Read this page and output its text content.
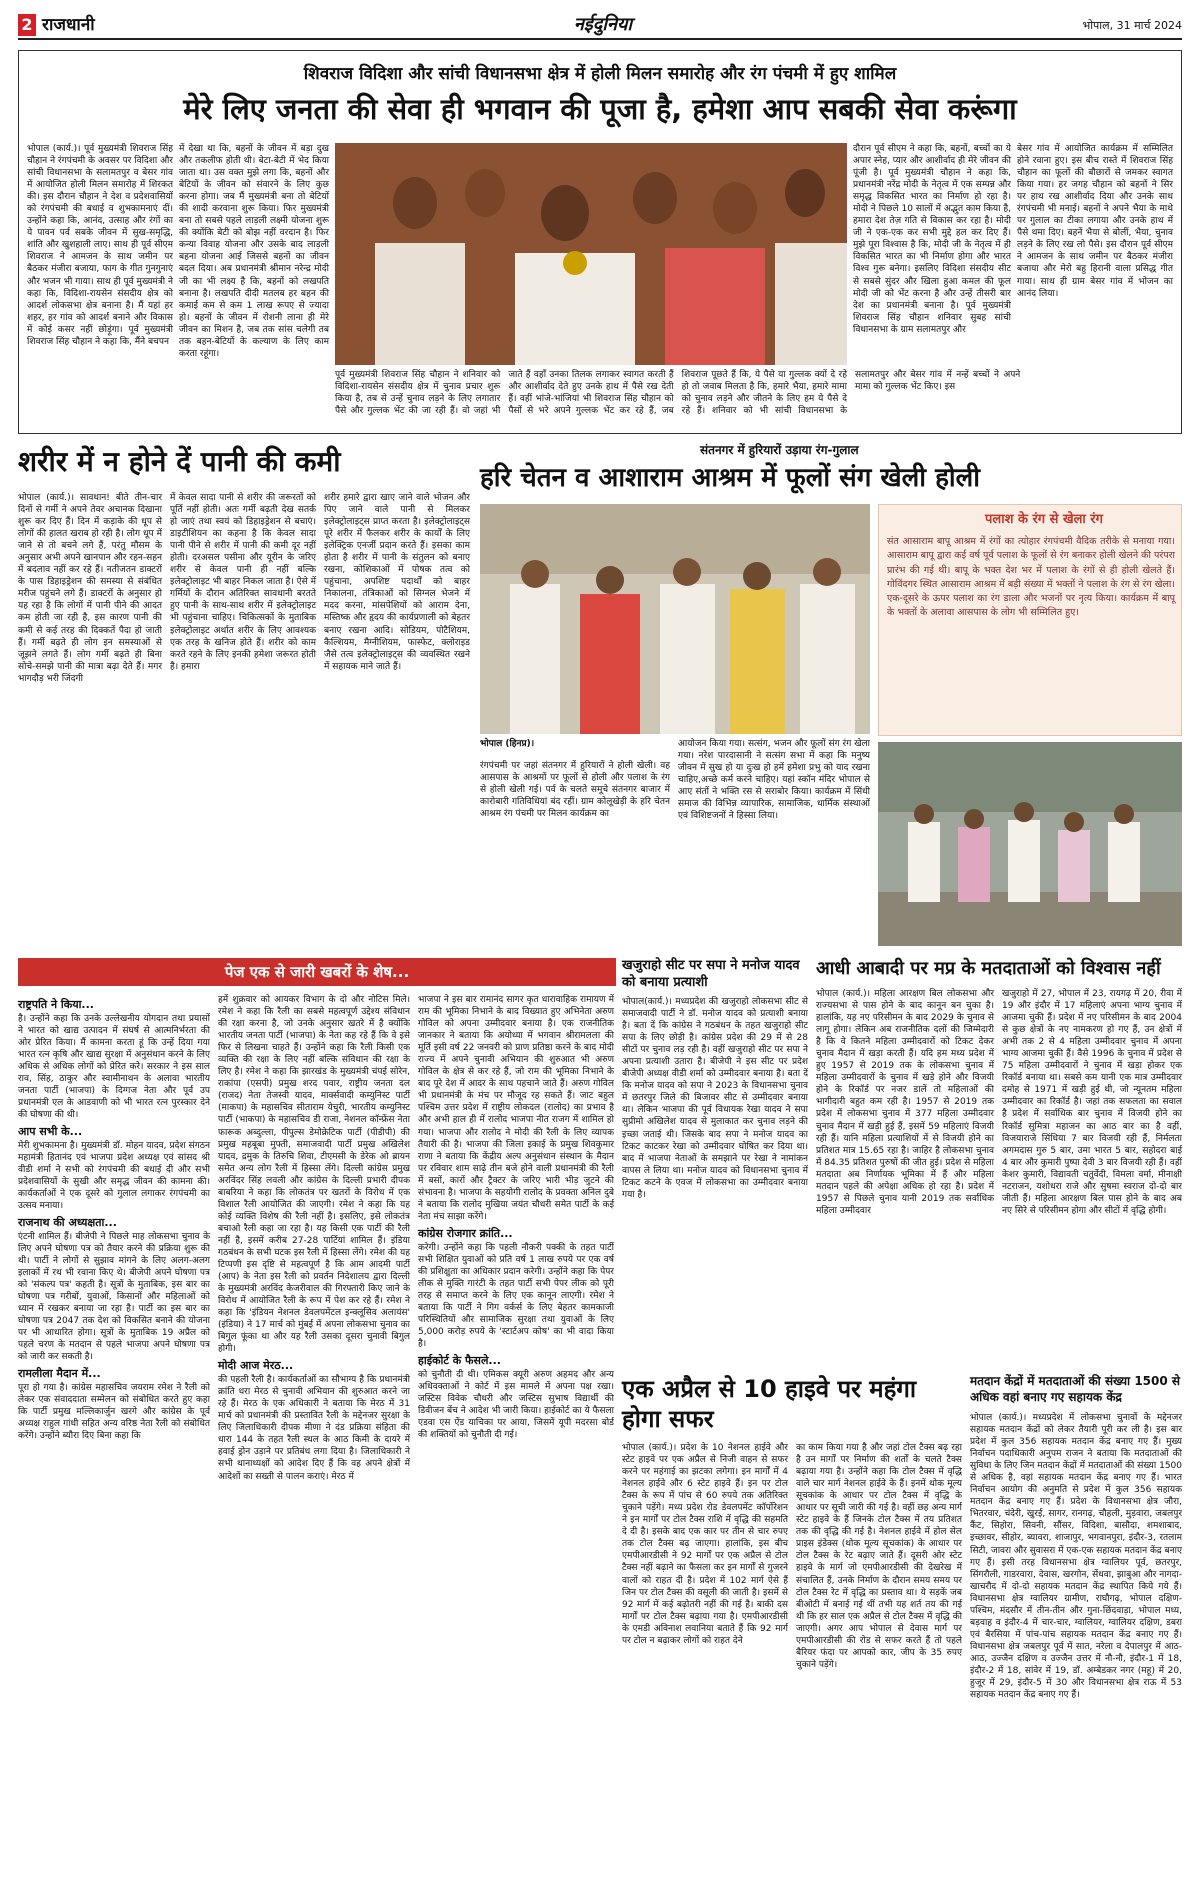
2 राजधानी	नईदुनिया	भोपाल, 31 मार्च 2024
शिवराज विदिशा और सांची विधानसभा क्षेत्र में होली मिलन समारोह और रंग पंचमी में हुए शामिल
मेरे लिए जनता की सेवा ही भगवान की पूजा है, हमेशा आप सबकी सेवा करूंगा
भोपाल (कार्य.)। पूर्व मुख्यमंत्री शिवराज सिंह चौहान ने रंगपंचमी के अवसर पर विदिशा और सांची विधानसभा के सलामतपुर व बेसर गांव में आयोजित होली मिलन समारोह में शिरकत की। इस दौरान चौहान ने देश व प्रदेशवासियों को रंगपंचमी की बधाई व शुभकामनाएं दीं। उन्होंने कहा कि, आनंद, उत्साह और रंगों का ये पावन पर्व सबके जीवन में सुख-समृद्धि, शांति और खुशहाली लाए। साथ ही पूर्व सीएम शिवराज ने आमजन के साथ जमीन पर बैठकर मंजीरा बजाया, फाग के गीत गुनगुनाएं और भजन भी गाया। साथ ही पूर्व मुख्यमंत्री ने कहा कि, विदिशा-रायसेन संसदीय क्षेत्र को आदर्श लोकसभा क्षेत्र बनाना है। मैं यहां हर शहर, हर गांव को आदर्श बनाने और विकास में कोई कसर नहीं छोड़ूंगा। पूर्व मुख्यमंत्री शिवराज सिंह चौहान ने कहा कि, मैंने बचपन
में देखा था कि, बहनों के जीवन में बड़ा दुख और तकलीफ होती थी। बेटा-बेटी में भेद किया जाता था। उस वक्त मुझे लगा कि, बहनों और बेटियों के जीवन को संवारने के लिए कुछ करना होगा। जब मैं मुख्यमंत्री बना तो बेटियों की शादी करवाना शुरू किया। फिर मुख्यमंत्री बना तो सबसे पहले लाड़ली लक्ष्मी योजना शुरू की क्योंकि बेटी को बोझ नहीं वरदान है। फिर कन्या विवाह योजना और उसके बाद लाड़ली बहना योजना आई जिससे बहनों का जीवन बदल दिया। अब प्रधानमंत्री श्रीमान नरेन्द्र मोदी जी का भी लक्ष्य है कि, बहनों को लखपति बनाना है। लखपति दीदी मतलब हर बहन की कमाई कम से कम 1 लाख रूपए से ज्यादा हो। बहनों के जीवन में रोशनी लाना ही मेरे जीवन का मिशन है, जब तक सांस चलेगी तब तक बहन-बेटियों के कल्याण के लिए काम करता रहूंगा।
पूर्व मुख्यमंत्री शिवराज सिंह चौहान ने शनिवार को विदिशा-रायसेन संसदीय क्षेत्र में चुनाव प्रचार शुरू किया है, तब से उन्हें चुनाव लड़ने के लिए लगातार पैसे और गुल्लक भेंट की जा रही हैं। वो जहां भी जाते हैं वहाँ उनका तिलक लगाकर स्वागत करती हैं और आशीर्वाद देते हुए उनके हाथ में पैसे रख देती हैं। वहीं भांजे-भांजियां भी शिवराज सिंह चौहान को पैसों से भरे अपने गुल्लक भेंट कर रहे हैं, जब शिवराज पूछते हैं कि, ये पैसे या गुल्लक क्यों दे रहे हो तो जवाब मिलता है कि, हमारे भैया, हमारे मामा को चुनाव लड़ने और जीतने के लिए हम ये पैसे दे रहे हैं। शनिवार को भी सांची विधानसभा के सलामतपुर और बेसर गांव में नन्हें बच्चों ने अपने मामा को गुल्लक भेंट किए। इस
दौरान पूर्व सीएम ने कहा कि, बहनों, बच्चों का ये अपार स्नेह, प्यार और आशीर्वाद ही मेरे जीवन की पूंजी है। पूर्व मुख्यमंत्री चौहान ने कहा कि, प्रधानमंत्री नरेंद्र मोदी के नेतृत्व में एक सम्पन्न और समृद्ध विकसित भारत का निर्माण हो रहा है। मोदी ने पिछले 10 सालों में अद्भुत काम किया है, हमारा देश तेज़ गति से विकास कर रहा है। मोदी जी ने एक-एक कर सभी मुद्दे हल कर दिए हैं। मुझे पूरा विश्वास है कि, मोदी जी के नेतृत्व में ही विकसित भारत का भी निर्माण होगा और भारत विश्व गुरू बनेगा। इसलिए विदिशा संसदीय सीट से सबसे सुंदर और खिला हुआ कमल की फूल मोदी जी को भेंट करना है और उन्हें तीसरी बार देश का प्रधानमंत्री बनाना है। पूर्व मुख्यमंत्री शिवराज सिंह चौहान शनिवार सुबह सांची विधानसभा के ग्राम सलामतपुर और
बेसर गांव में आयोजित कार्यक्रम में सम्मिलित होने रवाना हुए। इस बीच रास्ते में शिवराज सिंह चौहान का फूलों की बौछारों से जमकर स्वागत किया गया। हर जगह चौहान को बहनों ने सिर पर हाथ रख आशीर्वाद दिया और उनके साथ रंगपंचमी भी मनाई। बहनों ने अपने भैया के माथे पर गुलाल का टीका लगाया और उनके हाथ में पैसे थमा दिए। बहनें भैया से बोलीं, भैया, चुनाव लड़ने के लिए रख लो पैसे। इस दौरान पूर्व सीएम ने आमजन के साथ जमीन पर बैठकर मंजीरा बजाया और मेरो बहु हिरानी वाला प्रसिद्ध गीत गाया। साथ ही ग्राम बेसर गांव में भोजन का आनंद लिया।
शरीर में न होने दें पानी की कमी
भोपाल (कार्य.)। सावधान! बीते तीन-चार दिनों से गर्मी ने अपने तेवर अचानक दिखाना शुरू कर दिए हैं। दिन में कड़ाके की धूप से लोगों की हालत खराब हो रही है। लोग धूप में जाने से तो बचने लगे हैं, परंतु मौसम के अनुसार अभी अपने खानपान और रहन-सहन में बदलाव नहीं कर रहे हैं। नतीजतन डाक्टरों के पास डिहाइड्रेशन की समस्या से संबंधित मरीज पहुंचने लगे हैं। डाक्टरों के अनुसार हो यह रहा है कि लोगों में पानी पीने की आदत कम होती जा रही है, इस कारण पानी की कमी से कई तरह की दिक्कतें पैदा हो जाती हैं। गर्मी बढ़ते ही लोग इन समस्याओं से जूझने लगते हैं। लोग गर्मी बढ़ते ही बिना सोचे-समझे पानी की मात्रा बढ़ा देते हैं। मगर भागदौड़ भरी जिंदगी
में केवल सादा पानी से शरीर की जरूरतों को पूर्ति नहीं होती। अतः गर्मी बढ़ती देख सतर्क हो जाएं तथा स्वयं को डिहाइड्रेशन से बचाएं। डाइटीशियन का कहना है कि केवल सादा पानी पीने से शरीर में पानी की कमी दूर नहीं होती। दरअसल पसीना और यूरीन के जरिए शरीर से केवल पानी ही नहीं बल्कि इलेक्ट्रोलाइट भी बाहर निकल जाता है। ऐसे में गर्मियों के दौरान अतिरिक्त सावधानी बरतते हुए पानी के साथ-साथ शरीर में इलेक्ट्रोलाइट भी पहुंचाना चाहिए। चिकित्सकों के मुताबिक इलेक्ट्रोलाइट अर्थात शरीर के लिए आवश्यक एक तरह के खनिज होते हैं। शरीर को काम करते रहने के लिए इनकी हमेशा जरूरत होती है। हमारा
शरीर हमारे द्वारा खाए जाने वाले भोजन और पिए जाने वाले पानी से मिलकर इलेक्ट्रोलाइट्स प्राप्त करता है। इलेक्ट्रोलाइट्स पूरे शरीर में फैलकर शरीर के कार्यों के लिए इलेक्ट्रिक एनर्जी प्रदान करते हैं। इसका काम होता है शरीर में पानी के संतुलन को बनाए रखना, कोशिकाओं में पोषक तत्व को पहुंचाना, अपशिष्ट पदार्थों को बाहर निकालना, तंत्रिकाओं को सिग्नल भेजने में मदद करना, मांसपेशियों को आराम देना, मस्तिष्क और हृदय की कार्यप्रणाली को बेहतर बनाए रखना आदि। सोडियम, पोटैशियम, कैल्शियम, मैग्नीशियम, फास्फेट, क्लोराइड जैसे तत्व इलेक्ट्रोलाइट्स की व्यवस्थित रखने में सहायक माने जाते हैं।
संतनगर में हुरियारों उड़ाया रंग-गुलाल
हरि चेतन व आशाराम आश्रम में फूलों संग खेली होली
भोपाल (हिनप्र)।
रंगपंचमी पर जहां संतनगर में हुरियारों ने होली खेली। वह आसपास के आश्रमों पर फूलों से होली और पलाश के रंग से होली खेली गई। पर्व के चलते समूचे संतनगर बाजार में कारोबारी गतिविधियां बंद रहीं। ग्राम कोलूखेड़ी के हरि चेतन आश्रम रंग पंचमी पर मिलन कार्यक्रम का
आयोजन किया गया। सत्संग, भजन और फूलों संग रंग खेला गया। नरेश पारदासानी ने सत्संग सभा में कहा कि मनुष्य जीवन में सुख हो या दुःख हो हमें हमेशा प्रभु को याद रखना चाहिए,अच्छे कर्म करने चाहिए। यहां स्कॉन मंदिर भोपाल से आए संतों ने भक्ति रस से सराबोर किया। कार्यक्रम में सिंधी समाज की विभिन्न व्यापारिक, सामाजिक, धार्मिक संस्थाओं एवं विशिष्टजनों ने हिस्सा लिया।
पलाश के रंग से खेला रंग
संत आसाराम बापू आश्रम में रंगों का त्योहार रंगपंचमी वैदिक तरीके से मनाया गया। आसाराम बापू द्वारा कई वर्ष पूर्व पलाश के फूलों से रंग बनाकर होली खेलने की परंपरा प्रारंभ की गई थी। बापू के भक्त देश भर में पलाश के रंगों से ही होली खेलते हैं। गोविंदगर स्थित आसाराम आश्रम में बड़ी संख्या में भक्तों ने पलाश के रंग से रंग खेला। एक-दूसरे के ऊपर पलाश का रंग डाला और भजनों पर नृत्य किया। कार्यक्रम में बापू के भक्तों के अलावा आसपास के लोग भी सम्मिलित हुए।
पेज एक से जारी खबरों के शेष...
राष्ट्रपति ने किया...
है। उन्होंने कहा कि उनके उल्लेखनीय योगदान तथा प्रयासों ने भारत को खाद्य उत्पादन में संघर्ष से आत्मनिर्भरता की ओर प्रेरित किया। मैं कामना करता हूं कि उन्हें दिया गया भारत रत्न कृषि और खाद्य सुरक्षा में अनुसंधान करने के लिए अधिक से अधिक लोगों को प्रेरित करे। सरकार ने इस साल राव, सिंह, ठाकुर और स्वामीनाथन के अलावा भारतीय जनता पार्टी (भाजपा) के दिग्गज नेता और पूर्व उप प्रधानमंत्री एल के आडवाणी को भी भारत रत्न पुरस्कार देने की घोषणा की थी।
आप सभी के...
मेरी शुभकामना है। मुख्यमंत्री डॉ. मोहन यादव, प्रदेश संगठन महामंत्री हितानंद एवं भाजपा प्रदेश अध्यक्ष एवं सांसद श्री वीडी शर्मा ने सभी को रंगपंचमी की बधाई दी और सभी प्रदेशवासियों के सुखी और समृद्ध जीवन की कामना की। कार्यकर्ताओं ने एक दूसरे को गुलाल लगाकर रंगपंचमी का उत्सव मनाया।
राजनाथ की अध्यक्षता...
एंटनी शामिल हैं। बीजेपी ने पिछले माह लोकसभा चुनाव के लिए अपने घोषणा पत्र को तैयार करने की प्रक्रिया शुरू की थी। पार्टी ने लोगों से सुझाव मांगने के लिए अलग-अलग इलाकों में रथ भी रवाना किए थे। बीजेपी अपने घोषणा पत्र को 'संकल्प पत्र' कहती है। सूत्रों के मुताबिक, इस बार का घोषणा पत्र गरीबों, युवाओं, किसानों और महिलाओं को ध्यान में रखकर बनाया जा रहा है। पार्टी का इस बार का घोषणा पत्र 2047 तक देश को विकसित बनाने की योजना पर भी आधारित होगा। सूत्रों के मुताबिक 19 अप्रैल को पहले चरण के मतदान से पहले भाजपा अपने घोषणा पत्र को जारी कर सकती है।
रामलीला मैदान में...
पूरा हो गया है। कांग्रेस महासचिव जयराम रमेश ने रैली को लेकर एक संवाददाता सम्मेलन को संबोधित करते हुए कहा कि पार्टी प्रमुख मल्लिकार्जुन खरगे और कांग्रेस के पूर्व अध्यक्ष राहुल गांधी सहित अन्य वरिष्ठ नेता रैली को संबोधित करेंगे। उन्होंने ब्यौरा दिए बिना कहा कि
हमें शुक्रवार को आयकर विभाग के दो और नोटिस मिले। रमेश ने कहा कि रैली का सबसे महत्वपूर्ण उद्देश्य संविधान की रक्षा करना है, जो उनके अनुसार खतरे में है क्योंकि भारतीय जनता पार्टी (भाजपा) के नेता कह रहे हैं कि वे इसे फिर से लिखना चाहते हैं। उन्होंने कहा कि रैली किसी एक व्यक्ति की रक्षा के लिए नहीं बल्कि संविधान की रक्षा के लिए है। रमेश ने कहा कि झारखंड के मुख्यमंत्री चंपई सोरेन, राकांपा (एसपी) प्रमुख शरद पवार, राष्ट्रीय जनता दल (राजद) नेता तेजस्वी यादव, मार्क्सवादी कम्युनिस्ट पार्टी (माकपा) के महासचिव सीताराम येचुरी, भारतीय कम्युनिस्ट पार्टी (भाकपा) के महासचिव डी राजा, नेशनल कॉन्फ्रेंस नेता फारूक अब्दुल्ला, पीपुल्स डेमोक्रेटिक पार्टी (पीडीपी) की प्रमुख महबूबा मुफ्ती, समाजवादी पार्टी प्रमुख अखिलेश यादव, द्रमुक के तिरुचि शिवा, टीएमसी के डेरेक ओ ब्रायन समेत अन्य लोग रैली में हिस्सा लेंगे। दिल्ली कांग्रेस प्रमुख अरविंदर सिंह लवली और कांग्रेस के दिल्ली प्रभारी दीपक बाबरिया ने कहा कि लोकतंत्र पर खतरों के विरोध में एक विशाल रैली आयोजित की जाएगी। रमेश ने कहा कि यह कोई व्यक्ति विशेष की रैली नहीं है। इसलिए, इसे लोकतंत्र बचाओ रैली कहा जा रहा है। यह किसी एक पार्टी की रैली नहीं है, इसमें करीब 27-28 पार्टियां शामिल हैं। इंडिया गठबंधन के सभी घटक इस रैली में हिस्सा लेंगे। रमेश की यह टिप्पणी इस दृष्टि से महत्वपूर्ण है कि आम आदमी पार्टी (आप) के नेता इस रैली को प्रवर्तन निदेशालय द्वारा दिल्ली के मुख्यमंत्री अरविंद केजरीवाल की गिरफ्तारी किए जाने के विरोध में आयोजित रैली के रूप में पेश कर रहे हैं। रमेश ने कहा कि 'इंडियन नेशनल डेवलपमेंटल इन्क्लूसिव अलायंस' (इंडिया) ने 17 मार्च को मुंबई में अपना लोकसभा चुनाव का बिगुल फूंका था और यह रैली उसका दूसरा चुनावी बिगुल होगी।
मोदी आज मेरठ...
की पहली रैली है। कार्यकर्ताओं का सौभाग्य है कि प्रधानमंत्री क्रांति धरा मेरठ से चुनावी अभियान की शुरुआत करने जा रहे हैं। मेरठ के एक अधिकारी ने बताया कि मेरठ में 31 मार्च को प्रधानमंत्री की प्रस्तावित रैली के मद्देनजर सुरक्षा के लिए जिलाधिकारी दीपक मीणा ने दंड प्रक्रिया संहिता की धारा 144 के तहत रैली स्थल के आठ किमी के दायरे में हवाई ड्रोन उड़ाने पर प्रतिबंध लगा दिया है। जिलाधिकारी ने सभी थानाध्यक्षों को आदेश दिए हैं कि वह अपने क्षेत्रों में आदेशों का सख्ती से पालन कराएं। मेरठ में
भाजपा ने इस बार रामानंद सागर कृत धारावाहिक रामायण में राम की भूमिका निभाने के बाद विख्यात हुए अभिनेता अरुण गोविल को अपना उम्मीदवार बनाया है। एक राजनीतिक जानकार ने बताया कि अयोध्या में भगवान श्रीरामलला की मूर्ति इसी वर्ष 22 जनवरी को प्राण प्रतिष्ठा करने के बाद मोदी राज्य में अपने चुनावी अभियान की शुरुआत भी अरुण गोविल के क्षेत्र से कर रहे हैं, जो राम की भूमिका निभाने के बाद पूरे देश में आदर के साथ पहचाने जाते हैं। अरुण गोविल भी प्रधानमंत्री के मंच पर मौजूद रह सकते हैं। जाट बहुल पश्चिम उत्तर प्रदेश में राष्ट्रीय लोकदल (रालोद) का प्रभाव है और अभी हाल ही में रालोद भाजपा नीत राजग में शामिल हो गया। भाजपा और रालोद ने मोदी की रैली के लिए व्यापक तैयारी की है। भाजपा की जिला इकाई के प्रमुख शिवकुमार राणा ने बताया कि केंद्रीय अल्प अनुसंधान संस्थान के मैदान पर रविवार शाम साढ़े तीन बजे होने वाली प्रधानमंत्री की रैली में बसों, कारों और ट्रैक्टर के जरिए भारी भीड़ जुटने की संभावना है। भाजपा के सहयोगी रालोद के प्रवक्ता अनिल दुबे ने बताया कि रालोद मुखिया जयंत चौधरी समेत पार्टी के कई नेता मंच साझा करेंगे।
कांग्रेस रोजगार क्रांति...
करेगी। उन्होंने कहा कि पहली नौकरी पक्की के तहत पार्टी सभी शिक्षित युवाओं को प्रति वर्ष 1 लाख रुपये पर एक वर्ष की प्रशिक्षुता का अधिकार प्रदान करेगी। उन्होंने कहा कि पेपर लीक से मुक्ति गारंटी के तहत पार्टी सभी पेपर लीक को पूरी तरह से समाप्त करने के लिए एक कानून लाएगी। रमेश ने बताया कि पार्टी ने गिग वर्कर्स के लिए बेहतर कामकाजी परिस्थितियों और सामाजिक सुरक्षा तथा युवाओं के लिए 5,000 करोड़ रुपये के 'स्टार्टअप कोष' का भी वादा किया है।
हाईकोर्ट के फैसले...
को चुनौती दी थी। एमिकस क्यूरी अरुण अहमद और अन्य अधिवक्ताओं ने कोर्ट में इस मामले में अपना पक्ष रखा। जस्टिस विवेक चौधरी और जस्टिस सुभाष विद्यार्थी की डिवीजन बेंच ने आदेश भी जारी किया। हाईकोर्ट का ये फैसला एडवा एस ऐंड याचिका पर आया, जिसमें यूपी मदरसा बोर्ड की शक्तियों को चुनौती दी गई।
खजुराहो सीट पर सपा ने मनोज यादव को बनाया प्रत्याशी
भोपाल(कार्य.)। मध्यप्रदेश की खजुराहो लोकसभा सीट से समाजवादी पार्टी ने डॉ. मनोज यादव को प्रत्याशी बनाया है। बता दें कि कांग्रेस ने गठबंधन के तहत खजुराहो सीट सपा के लिए छोड़ी है। कांग्रेस प्रदेश की 29 में से 28 सीटों पर चुनाव लड़ रही है। वहीं खजुराहो सीट पर सपा ने अपना प्रत्याशी उतारा है। बीजेपी ने इस सीट पर प्रदेश बीजेपी अध्यक्ष वीडी शर्मा को उम्मीदवार बनाया है। बता दें कि मनोज यादव को सपा ने 2023 के विधानसभा चुनाव में छतरपुर जिले की बिजावर सीट से उम्मीदवार बनाया था। लेकिन भाजपा की पूर्व विधायक रेखा यादव ने सपा सुप्रीमो अखिलेश यादव से मुलाकात कर चुनाव लड़ने की इच्छा जताई थी। जिसके बाद सपा ने मनोज यादव का टिकट काटकर रेखा को उम्मीदवार घोषित कर दिया था। बाद में भाजपा नेताओं के समझाने पर रेखा ने नामांकन वापस ले लिया था। मनोज यादव को विधानसभा चुनाव में टिकट कटने के एवज में लोकसभा का उम्मीदवार बनाया गया है।
आधी आबादी पर मप्र के मतदाताओं को विश्वास नहीं
भोपाल (कार्य.)। महिला आरक्षण बिल लोकसभा और राज्यसभा से पास होने के बाद कानून बन चुका है। हालांकि, यह नए परिसीमन के बाद 2029 के चुनाव से लागू होगा। लेकिन अब राजनीतिक दलों की जिम्मेदारी है कि वे कितने महिला उम्मीदवारों को टिकट देकर चुनाव मैदान में खड़ा करती हैं। यदि हम मध्य प्रदेश में हुए 1957 से 2019 तक के लोकसभा चुनाव में महिला उम्मीदवारों के चुनाव में खड़े होने और विजयी होने के रिकॉर्ड पर नजर डालें तो महिलाओं की भागीदारी बहुत कम रही है। 1957 से 2019 तक प्रदेश में लोकसभा चुनाव में 377 महिला उम्मीदवार चुनाव मैदान में खड़ी हुई हैं, इसमें 59 महिलाएं विजयी रही हैं। यानि महिला प्रत्याशियों में से विजयी होने का प्रतिशत मात्र 15.65 रहा है। जाहिर है लोकसभा चुनाव में 84.35 प्रतिशत पुरुषों की जीत हुई। प्रदेश से महिला मतदाता अब निर्णायक भूमिका में हैं और महिला मतदान पहले की अपेक्षा अधिक हो रहा है। प्रदेश में 1957 से पिछले चुनाव यानी 2019 तक सर्वाधिक महिला उम्मीदवार
खजुराहो में 27, भोपाल में 23, रायगढ़ में 20, रीवा में 19 और इंदौर में 17 महिलाएं अपना भाग्य चुनाव में आजमा चुकी हैं। प्रदेश में नए परिसीमन के बाद 2004 से कुछ क्षेत्रों के नए नामकरण हो गए हैं, उन क्षेत्रों में अभी तक 2 से 4 महिला उम्मीदवार चुनाव में अपना भाग्य आजमा चुकी हैं। वैसे 1996 के चुनाव में प्रदेश से 75 महिला उम्मीदवारों ने चुनाव में खड़ा होकर एक रिकॉर्ड बनाया था। सबसे कम यानी एक मात्र उम्मीदवार दमोह से 1971 में खड़ी हुई थी, जो न्यूनतम महिला उम्मीदवार का रिकॉर्ड है। जहां तक सफलता का सवाल है प्रदेश में सर्वाधिक बार चुनाव में विजयी होने का रिकॉर्ड सुमित्रा महाजन का आठ बार का है वहीं, विजयाराजे सिंधिया 7 बार विजयी रही हैं, निर्मलता अगमदास गुरु 5 बार, उमा भारत 5 बार, सहोदरा बाई 4 बार और कुमारी पुष्पा देवी 3 बार विजयी रही हैं। वहीं केशर कुमारी, विद्यावती चतुर्वेदी, विमला वर्मा, मीनाक्षी नटराजन, यशोधरा राजे और सुषमा स्वराज दो-दो बार जीती हैं। महिला आरक्षण बिल पास होने के बाद अब नए सिरे से परिसीमन होगा और सीटों में वृद्धि होगी।
एक अप्रैल से 10 हाइवे पर महंगा होगा सफर
भोपाल (कार्य.)। प्रदेश के 10 नेशनल हाईवे और स्टेट हाइवे पर एक अप्रैल से निजी वाहन से सफर करने पर महंगाई का झटका लगेगा। इन मार्गों में 4 नेशनल हाईवे और 6 स्टेट हाइवे हैं। इन पर टोल टैक्स के रूप में पांच से 60 रुपये तक अतिरिक्त चुकाने पड़ेंगे। मध्य प्रदेश रोड डेवलपमेंट कॉर्पोरेशन ने इन मार्गों पर टोल टैक्स राशि में वृद्धि की सहमति दे दी है। इसके बाद एक कार पर तीन से चार रुपए तक टोल टैक्स बढ़ जाएगा। हालांकि, इस बीच एमपीआरडीसी ने 92 मार्गों पर एक अप्रैल से टोल टैक्स नहीं बढ़ाने का फैसला कर इन मार्गों से गुजरने वालों को राहत दी है। प्रदेश में 102 मार्ग ऐसे हैं जिन पर टोल टैक्स की वसूली की जाती है। इसमें से 92 मार्ग में कई बढ़ोतरी नहीं की गई है। बाकी दस मार्गों पर टोल टैक्स बढ़ाया गया है। एमपीआरडीसी के एमडी अविनाश लवानिया बताते हैं कि 92 मार्ग पर टोल न बढ़ाकर लोगों को राहत देने
का काम किया गया है और जहां टोल टैक्स बढ़ रहा है उन मार्गों पर निर्माण की शर्तों के चलते टैक्स बढ़ाया गया है। उन्होंने कहा कि टोल टैक्स में वृद्धि वाले चार मार्ग नेशनल हाईवे के हैं। इनमें थोक मूल्य सूचकांक के आधार पर टोल टैक्स में वृद्धि के आधार पर सूची जारी की गई है। वहीं छह अन्य मार्ग स्टेट हाइवे के हैं जिनके टोल टैक्स में तय प्रतिशत तक की वृद्धि की गई है। नेशनल हाईवे में होल सेल प्राइस इंडेक्स (थोक मूल्य सूचकांक) के आधार पर टोल टैक्स के रेट बढ़ाए जाते हैं। दूसरी ओर स्टेट हाइवे के मार्ग जो एमपीआरडीसी की देखरेख में संचालित हैं, उनके निर्माण के दौरान समय समय पर टोल टैक्स रेट में वृद्धि का प्रस्ताव था। ये सड़कें जब बीओटी में बनाई गई थीं तभी यह शर्त तय की गई थी कि हर साल एक अप्रैल से टोल टैक्स में वृद्धि की जाएगी। अगर आप भोपाल से देवास मार्ग पर एमपीआरडीसी की रोड से सफर करते हैं तो पहले बैरियर फंदा पर आपको कार, जीप के 35 रुपए चुकाने पड़ेंगे।
मतदान केंद्रों में मतदाताओं की संख्या 1500 से अधिक वहां बनाए गए सहायक केंद्र
भोपाल (कार्य.)। मध्यप्रदेश में लोकसभा चुनावों के मद्देनजर सहायक मतदान केंद्रों को लेकर तैयारी पूरी कर ली है। इस बार प्रदेश में कुल 356 सहायक मतदान केंद्र बनाए गए हैं। मुख्य निर्वाचन पदाधिकारी अनुपम राजन ने बताया कि मतदाताओं की सुविधा के लिए जिन मतदान केंद्रों में मतदाताओं की संख्या 1500 से अधिक है, वहां सहायक मतदान केंद्र बनाए गए हैं। भारत निर्वाचन आयोग की अनुमति से प्रदेश में कुल 356 सहायक मतदान केंद्र बनाए गए हैं। प्रदेश के विधानसभा क्षेत्र जौरा, भितरवार, चंदेरी, खुरई, सागर, रानगढ़, चौहली, मुड़वारा, जबलपुर कैंट, सिहोरा, सिवनी, सौंसर, विदिशा, बासौदा, शमशाबाद, इच्छावर, सीहोर, ब्यावरा, शाजापुर, भगवानपुरा, इंदौर-3, रतलाम सिटी, जावरा और सुवासरा में एक-एक सहायक मतदान केंद्र बनाए गए हैं। इसी तरह विधानसभा क्षेत्र ग्वालियर पूर्व, छतरपुर, सिंगरौली, गाडरवारा, देवास, खरगोन, सेंधवा, झाबुआ और नागदा-खाचरौद में दो-दो सहायक मतदान केंद्र स्थापित किये गये हैं। विधानसभा क्षेत्र ग्वालियर ग्रामीण, राघौगढ़, भोपाल दक्षिण-पश्चिम, मंदसौर में तीन-तीन और गुना-छिंदवाड़ा, भोपाल मध्य, बड़वाह व इंदौर-4 में चार-चार, ग्वालियर, ग्वालियर दक्षिण, डबरा एवं बैरसिया में पांच-पांच सहायक मतदान केंद्र बनाए गए हैं। विधानसभा क्षेत्र जबलपुर पूर्व में सात, नरेला व देपालपुर में आठ-आठ, उज्जैन दक्षिण व उज्जैन उत्तर में नौ-नौ, इंदौर-1 में 18, इंदौर-2 में 18, सांवेर में 19, डॉ. अम्बेडकर नगर (महू) में 20, हुजूर में 29, इंदौर-5 में 30 और विधानसभा क्षेत्र राऊ में 53 सहायक मतदान केंद्र बनाए गए हैं।
